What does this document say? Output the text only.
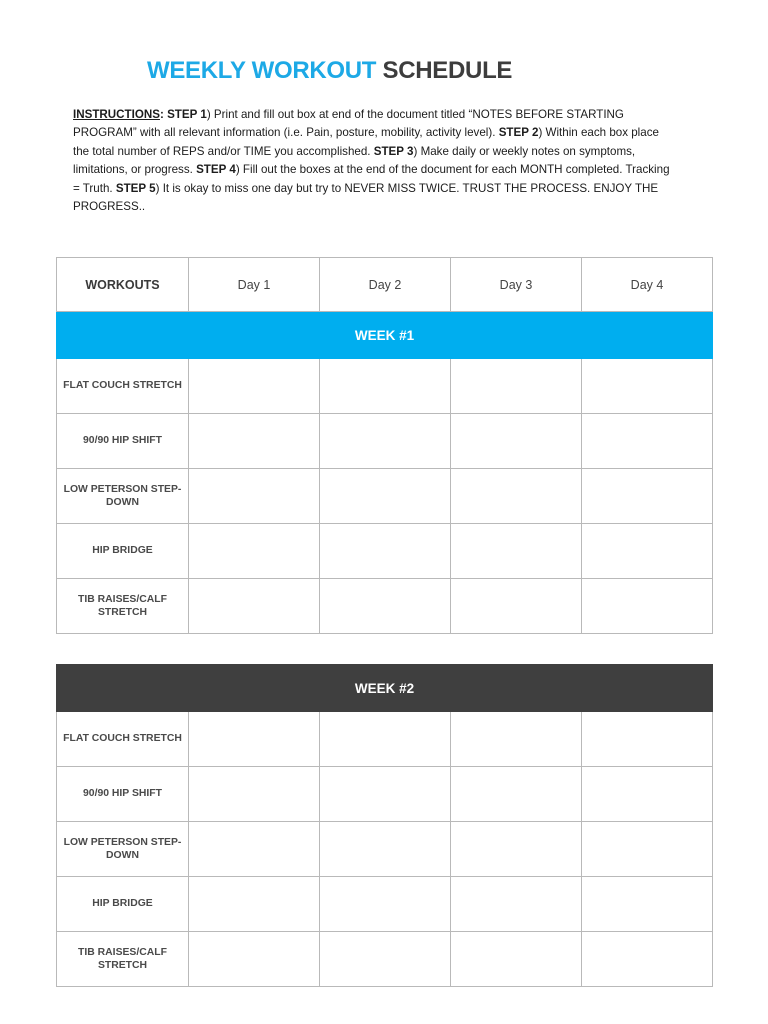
WEEKLY WORKOUT SCHEDULE

INSTRUCTIONS: STEP 1) Print and fill out box at end of the document titled “NOTES BEFORE STARTING PROGRAM” with all relevant information (i.e. Pain, posture, mobility, activity level). STEP 2) Within each box place the total number of REPS and/or TIME you accomplished. STEP 3) Make daily or weekly notes on symptoms, limitations, or progress. STEP 4) Fill out the boxes at the end of the document for each MONTH completed. Tracking = Truth. STEP 5) It is okay to miss one day but try to NEVER MISS TWICE. TRUST THE PROCESS. ENJOY THE PROGRESS..

WORKOUTS	Day 1	Day 2	Day 3	Day 4
WEEK #1				
FLAT COUCH STRETCH				
90/90 HIP SHIFT				
LOW PETERSON STEP-DOWN				
HIP BRIDGE				
TIB RAISES/CALF STRETCH				
WEEK #2				
FLAT COUCH STRETCH				
90/90 HIP SHIFT				
LOW PETERSON STEP-DOWN				
HIP BRIDGE				
TIB RAISES/CALF STRETCH				
